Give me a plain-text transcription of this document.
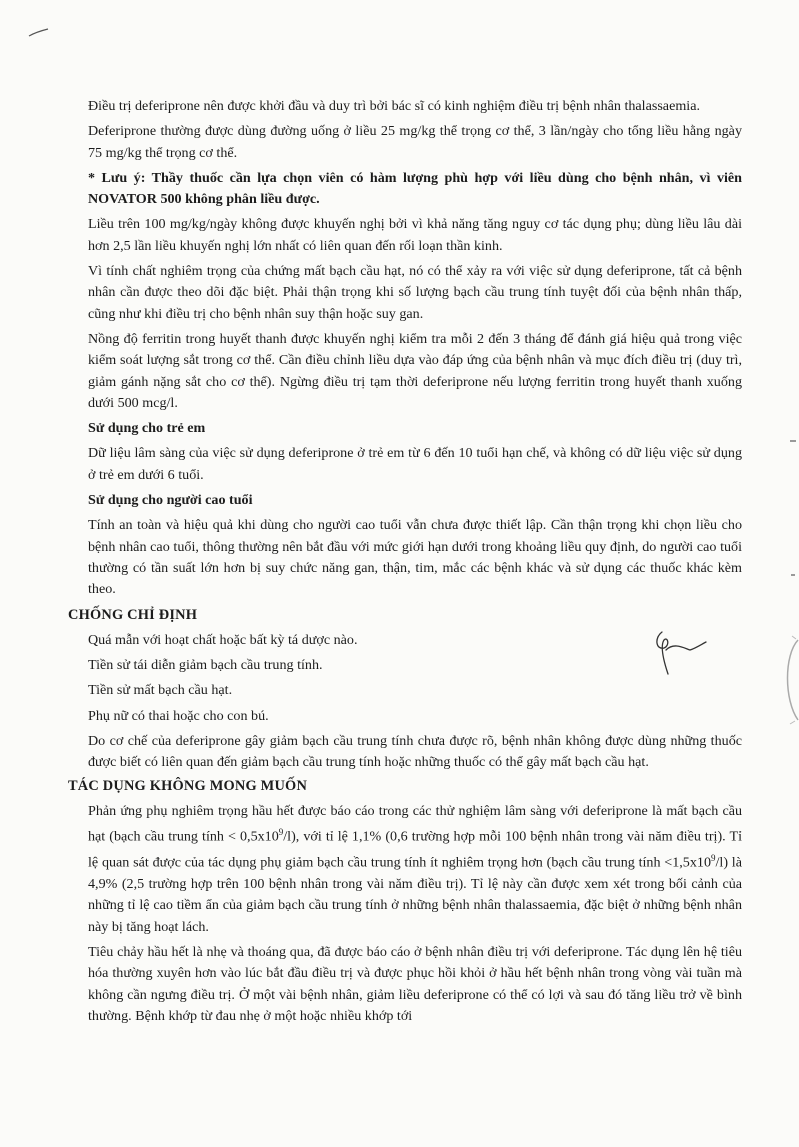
Điều trị deferiprone nên được khởi đầu và duy trì bởi bác sĩ có kinh nghiệm điều trị bệnh nhân thalassaemia.

Deferiprone thường được dùng đường uống ở liều 25 mg/kg thể trọng cơ thể, 3 lần/ngày cho tổng liều hằng ngày 75 mg/kg thể trọng cơ thể.

* Lưu ý: Thầy thuốc cần lựa chọn viên có hàm lượng phù hợp với liều dùng cho bệnh nhân, vì viên NOVATOR 500 không phân liều được.

Liều trên 100 mg/kg/ngày không được khuyến nghị bởi vì khả năng tăng nguy cơ tác dụng phụ; dùng liều lâu dài hơn 2,5 lần liều khuyến nghị lớn nhất có liên quan đến rối loạn thần kinh.

Vì tính chất nghiêm trọng của chứng mất bạch cầu hạt, nó có thể xảy ra với việc sử dụng deferiprone, tất cả bệnh nhân cần được theo dõi đặc biệt. Phải thận trọng khi số lượng bạch cầu trung tính tuyệt đối của bệnh nhân thấp, cũng như khi điều trị cho bệnh nhân suy thận hoặc suy gan.

Nồng độ ferritin trong huyết thanh được khuyến nghị kiểm tra mỗi 2 đến 3 tháng để đánh giá hiệu quả trong việc kiểm soát lượng sắt trong cơ thể. Cần điều chỉnh liều dựa vào đáp ứng của bệnh nhân và mục đích điều trị (duy trì, giảm gánh nặng sắt cho cơ thể). Ngừng điều trị tạm thời deferiprone nếu lượng ferritin trong huyết thanh xuống dưới 500 mcg/l.

Sử dụng cho trẻ em

Dữ liệu lâm sàng của việc sử dụng deferiprone ở trẻ em từ 6 đến 10 tuổi hạn chế, và không có dữ liệu việc sử dụng ở trẻ em dưới 6 tuổi.

Sử dụng cho người cao tuổi

Tính an toàn và hiệu quả khi dùng cho người cao tuổi vẫn chưa được thiết lập. Cần thận trọng khi chọn liều cho bệnh nhân cao tuổi, thông thường nên bắt đầu với mức giới hạn dưới trong khoảng liều quy định, do người cao tuổi thường có tần suất lớn hơn bị suy chức năng gan, thận, tim, mắc các bệnh khác và sử dụng các thuốc khác kèm theo.

CHỐNG CHỈ ĐỊNH

Quá mẫn với hoạt chất hoặc bất kỳ tá dược nào.

Tiền sử tái diễn giảm bạch cầu trung tính.

Tiền sử mất bạch cầu hạt.

Phụ nữ có thai hoặc cho con bú.

Do cơ chế của deferiprone gây giảm bạch cầu trung tính chưa được rõ, bệnh nhân không được dùng những thuốc được biết có liên quan đến giảm bạch cầu trung tính hoặc những thuốc có thể gây mất bạch cầu hạt.

TÁC DỤNG KHÔNG MONG MUỐN

Phản ứng phụ nghiêm trọng hầu hết được báo cáo trong các thử nghiệm lâm sàng với deferiprone là mất bạch cầu hạt (bạch cầu trung tính < $0,5x10^9/l$), với tỉ lệ 1,1% (0,6 trường hợp mỗi 100 bệnh nhân trong vài năm điều trị). Tỉ lệ quan sát được của tác dụng phụ giảm bạch cầu trung tính ít nghiêm trọng hơn (bạch cầu trung tính $<1,5x10^9/l$) là 4,9% (2,5 trường hợp trên 100 bệnh nhân trong vài năm điều trị). Tỉ lệ này cần được xem xét trong bối cảnh của những tỉ lệ cao tiềm ẩn của giảm bạch cầu trung tính ở những bệnh nhân thalassaemia, đặc biệt ở những bệnh nhân này bị tăng hoạt lách.

Tiêu chảy hầu hết là nhẹ và thoáng qua, đã được báo cáo ở bệnh nhân điều trị với deferiprone. Tác dụng lên hệ tiêu hóa thường xuyên hơn vào lúc bắt đầu điều trị và được phục hồi khỏi ở hầu hết bệnh nhân trong vòng vài tuần mà không cần ngưng điều trị. Ở một vài bệnh nhân, giảm liều deferiprone có thể có lợi và sau đó tăng liều trở về bình thường. Bệnh khớp từ đau nhẹ ở một hoặc nhiều khớp tới
